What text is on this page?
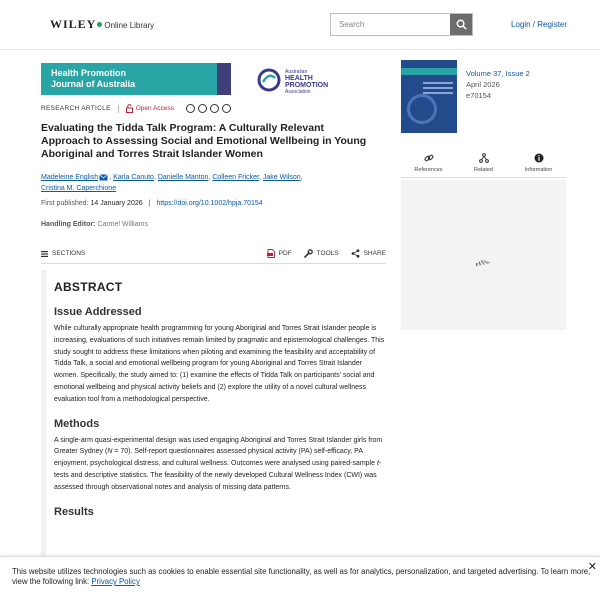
WILEY Online Library
Search	Login / Register
Health Promotion
Journal of Australia
Australian
HEALTH
PROMOTION
Association
RESEARCH ARTICLE	Open Access
Evaluating the Tidda Talk Program: A Culturally Relevant Approach to Assessing Social and Emotional Wellbeing in Young Aboriginal and Torres Strait Islander Women
Madeleine English , Karla Canuto, Danielle Manton, Colleen Fricker, Jake Wilson,
Cristina M. Caperchione
First published: 14 January 2026 | https://doi.org/10.1002/hpja.70154
Handling Editor: Carmel Williams
SECTIONS	PDF	TOOLS	SHARE
ABSTRACT
Issue Addressed

While culturally appropriate health programming for young Aboriginal and Torres Strait Islander people is increasing, evaluations of such initiatives remain limited by pragmatic and epistemological challenges. This study sought to address these limitations when piloting and examining the feasibility and acceptability of Tidda Talk, a social and emotional wellbeing program for young Aboriginal and Torres Strait Islander women. Specifically, the study aimed to: (1) examine the effects of Tidda Talk on participants' social and emotional wellbeing and physical activity beliefs and (2) explore the utility of a novel cultural wellness evaluation tool from a methodological perspective.

Methods

A single-arm quasi-experimental design was used engaging Aboriginal and Torres Strait Islander girls from Greater Sydney (N = 70). Self-report questionnaires assessed physical activity (PA) self-efficacy, PA enjoyment, psychological distress, and cultural wellness. Outcomes were analysed using paired-sample t-tests and descriptive statistics. The feasibility of the newly developed Cultural Wellness Index (CWI) was assessed through observational notes and analysis of missing data patterns.

Results
Volume 37, Issue 2
April 2026
e70154
References	Related	Information
This website utilizes technologies such as cookies to enable essential site functionality, as well as for analytics, personalization, and targeted advertising. To learn more, view the following link: Privacy Policy
✕
